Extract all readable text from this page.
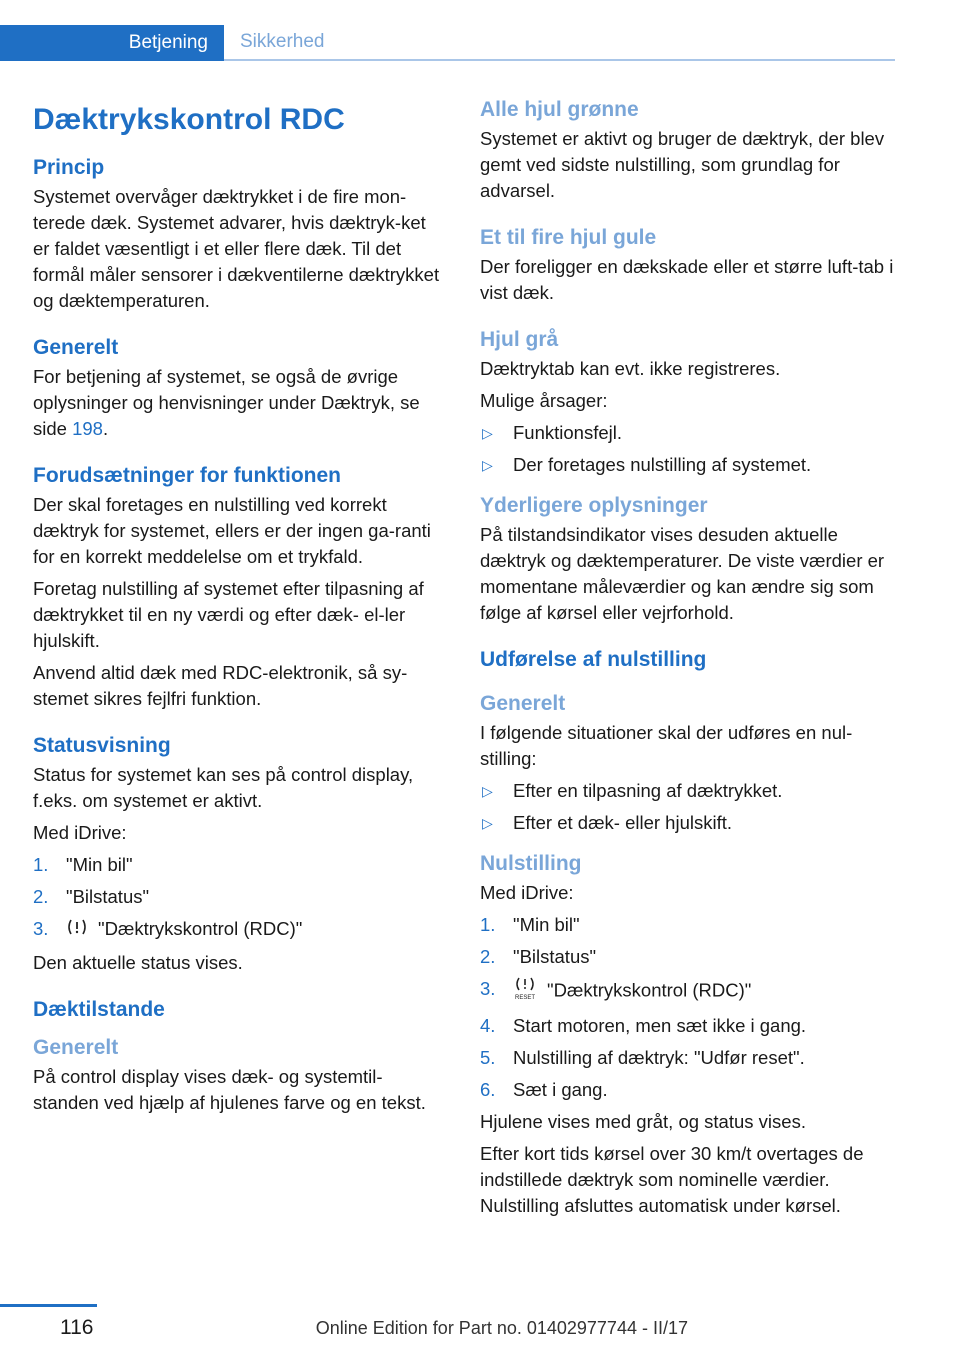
Betjening	Sikkerhed
Dæktrykskontrol RDC
Princip

Systemet overvåger dæktrykket i de fire mon-terede dæk. Systemet advarer, hvis dæktryk-ket er faldet væsentligt i et eller flere dæk. Til det formål måler sensorer i dækventilerne dæktrykket og dæktemperaturen.

Generelt

For betjening af systemet, se også de øvrige oplysninger og henvisninger under Dæktryk, se side 198.

Forudsætninger for funktionen

Der skal foretages en nulstilling ved korrekt dæktryk for systemet, ellers er der ingen ga-ranti for en korrekt meddelelse om et trykfald.

Foretag nulstilling af systemet efter tilpasning af dæktrykket til en ny værdi og efter dæk- el-ler hjulskift.

Anvend altid dæk med RDC-elektronik, så sy-stemet sikres fejlfri funktion.

Statusvisning

Status for systemet kan ses på control display, f.eks. om systemet er aktivt.

Med iDrive:

1. "Min bil"
2. "Bilstatus"
3.	"Dæktrykskontrol (RDC)"

Den aktuelle status vises.

Dæktilstande
Generelt

På control display vises dæk- og systemtil-standen ved hjælp af hjulenes farve og en tekst.

Alle hjul grønne

Systemet er aktivt og bruger de dæktryk, der blev gemt ved sidste nulstilling, som grundlag for advarsel.

Et til fire hjul gule

Der foreligger en dækskade eller et større luft-tab i vist dæk.

Hjul grå

Dæktryktab kan evt. ikke registreres.

Mulige årsager:

▷ Funktionsfejl.
▷ Der foretages nulstilling af systemet.
Yderligere oplysninger

På tilstandsindikator vises desuden aktuelle dæktryk og dæktemperaturer. De viste værdier er momentane måleværdier og kan ændre sig som følge af kørsel eller vejrforhold.

Udførelse af nulstilling
Generelt

I følgende situationer skal der udføres en nul-stilling:

▷ Efter en tilpasning af dæktrykket.
▷ Efter et dæk- eller hjulskift.
Nulstilling

Med iDrive:

1. "Min bil"
2. "Bilstatus"
3.	RESET "Dæktrykskontrol (RDC)"
4. Start motoren, men sæt ikke i gang.
5. Nulstilling af dæktryk: "Udfør reset".
6. Sæt i gang.

Hjulene vises med gråt, og status vises.

Efter kort tids kørsel over 30 km/t overtages de indstillede dæktryk som nominelle værdier. Nulstilling afsluttes automatisk under kørsel.

116	Online Edition for Part no. 01402977744 - II/17
